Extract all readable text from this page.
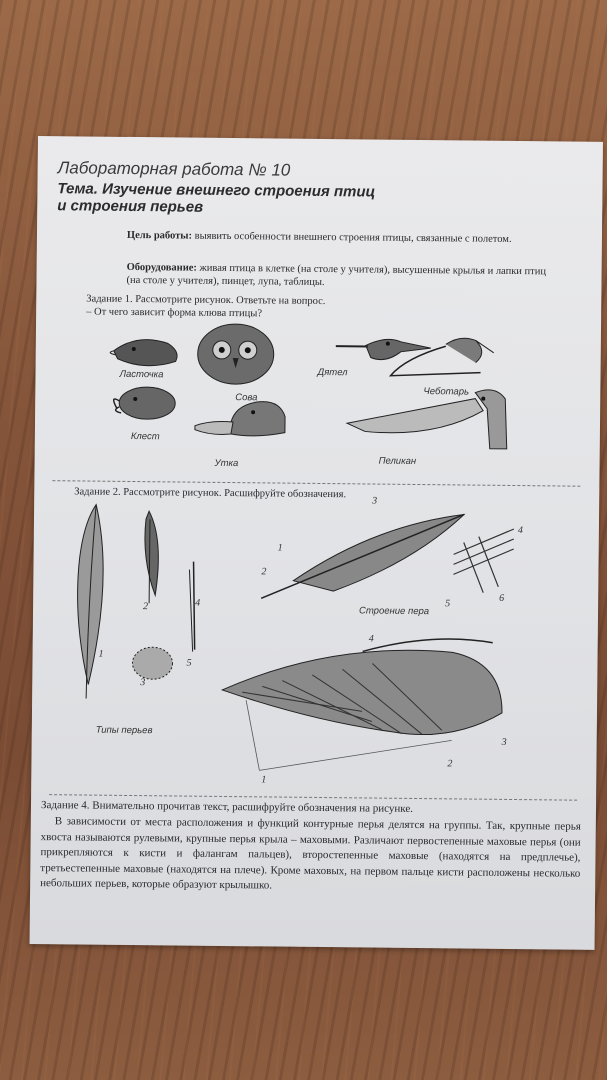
Лабораторная работа № 10
Тема. Изучение внешнего строения птиц
и строения перьев
Цель работы: выявить особенности внешнего строения птицы, связанные с полетом.
Оборудование: живая птица в клетке (на столе у учителя), высушенные крылья и лапки птиц (на столе у учителя), пинцет, лупа, таблицы.
Задание 1. Рассмотрите рисунок. Ответьте на вопрос.
– От чего зависит форма клюва птицы?
Ласточка
Сова
Дятел
Чеботарь
Клест
Утка	Пеликан
Задание 2. Рассмотрите рисунок. Расшифруйте обозначения.
1
2
3
4
5
1
2
3
4
5	6
4
1
2
3
Строение пера
Типы перьев
Задание 4. Внимательно прочитав текст, расшифруйте обозначения на рисунке.
В зависимости от места расположения и функций контурные перья делятся на группы. Так, крупные перья хвоста называются рулевыми, крупные перья крыла – маховыми. Различают первостепенные маховые перья (они прикрепляются к кисти и фалангам пальцев), второстепенные маховые (находятся на предплечье), третьестепенные маховые (находятся на плече). Кроме маховых, на первом пальце кисти расположены несколько небольших перьев, которые образуют крылышко.
